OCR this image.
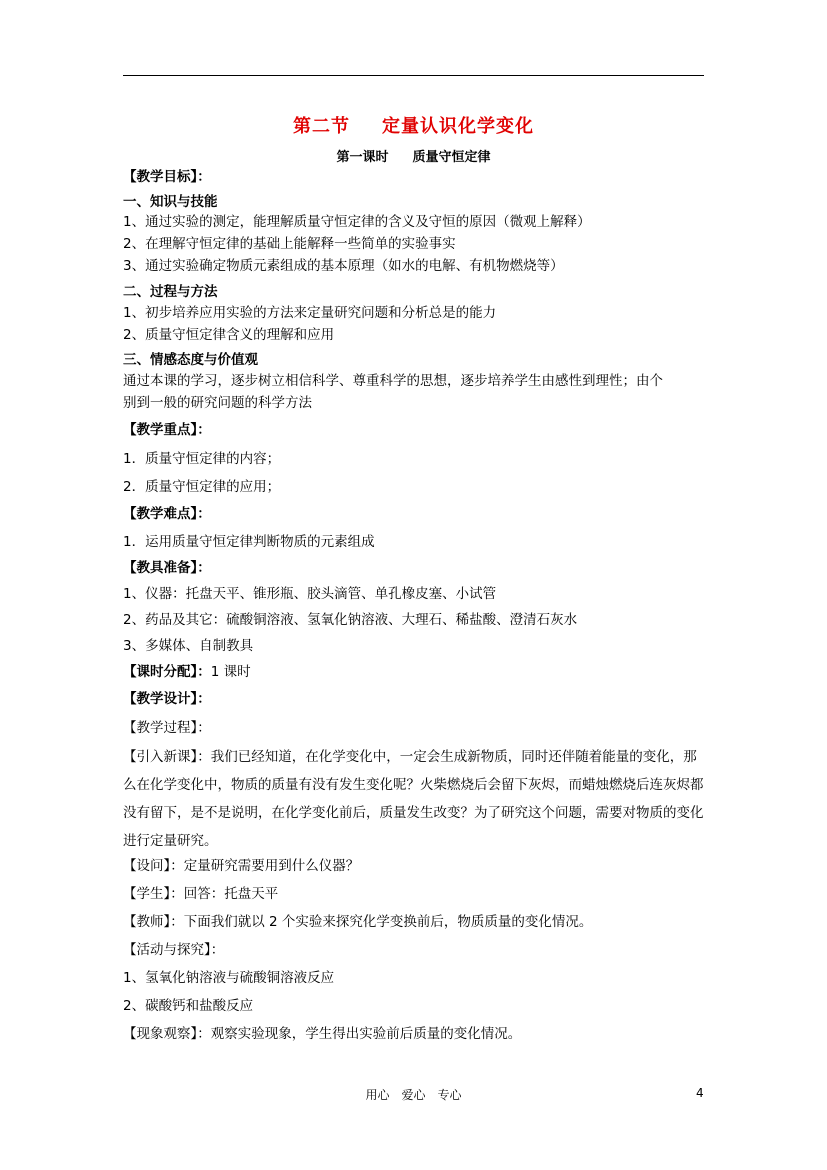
第二节 定量认识化学变化
第一课时 质量守恒定律
【教学目标】：
一、知识与技能
1、通过实验的测定，能理解质量守恒定律的含义及守恒的原因（微观上解释）
2、在理解守恒定律的基础上能解释一些简单的实验事实
3、通过实验确定物质元素组成的基本原理（如水的电解、有机物燃烧等）
二、过程与方法
1、初步培养应用实验的方法来定量研究问题和分析总是的能力
2、质量守恒定律含义的理解和应用
三、情感态度与价值观
通过本课的学习，逐步树立相信科学、尊重科学的思想，逐步培养学生由感性到理性；由个
别到一般的研究问题的科学方法
【教学重点】：
1．质量守恒定律的内容；
2．质量守恒定律的应用；
【教学难点】：
1．运用质量守恒定律判断物质的元素组成
【教具准备】：
1、仪器：托盘天平、锥形瓶、胶头滴管、单孔橡皮塞、小试管
2、药品及其它：硫酸铜溶液、氢氧化钠溶液、大理石、稀盐酸、澄清石灰水
3、多媒体、自制教具
【课时分配】：1 课时
【教学设计】：
【教学过程】：
【引入新课】：我们已经知道，在化学变化中，一定会生成新物质，同时还伴随着能量的变化，那么在化学变化中，物质的质量有没有发生变化呢？火柴燃烧后会留下灰烬，而蜡烛燃烧后连灰烬都没有留下，是不是说明，在化学变化前后，质量发生改变？为了研究这个问题，需要对物质的变化进行定量研究。
【设问】：定量研究需要用到什么仪器？
【学生】：回答：托盘天平
【教师】：下面我们就以 2 个实验来探究化学变换前后，物质质量的变化情况。
【活动与探究】：
1、氢氧化钠溶液与硫酸铜溶液反应
2、碳酸钙和盐酸反应
【现象观察】：观察实验现象，学生得出实验前后质量的变化情况。
用心　爱心　专心	4
